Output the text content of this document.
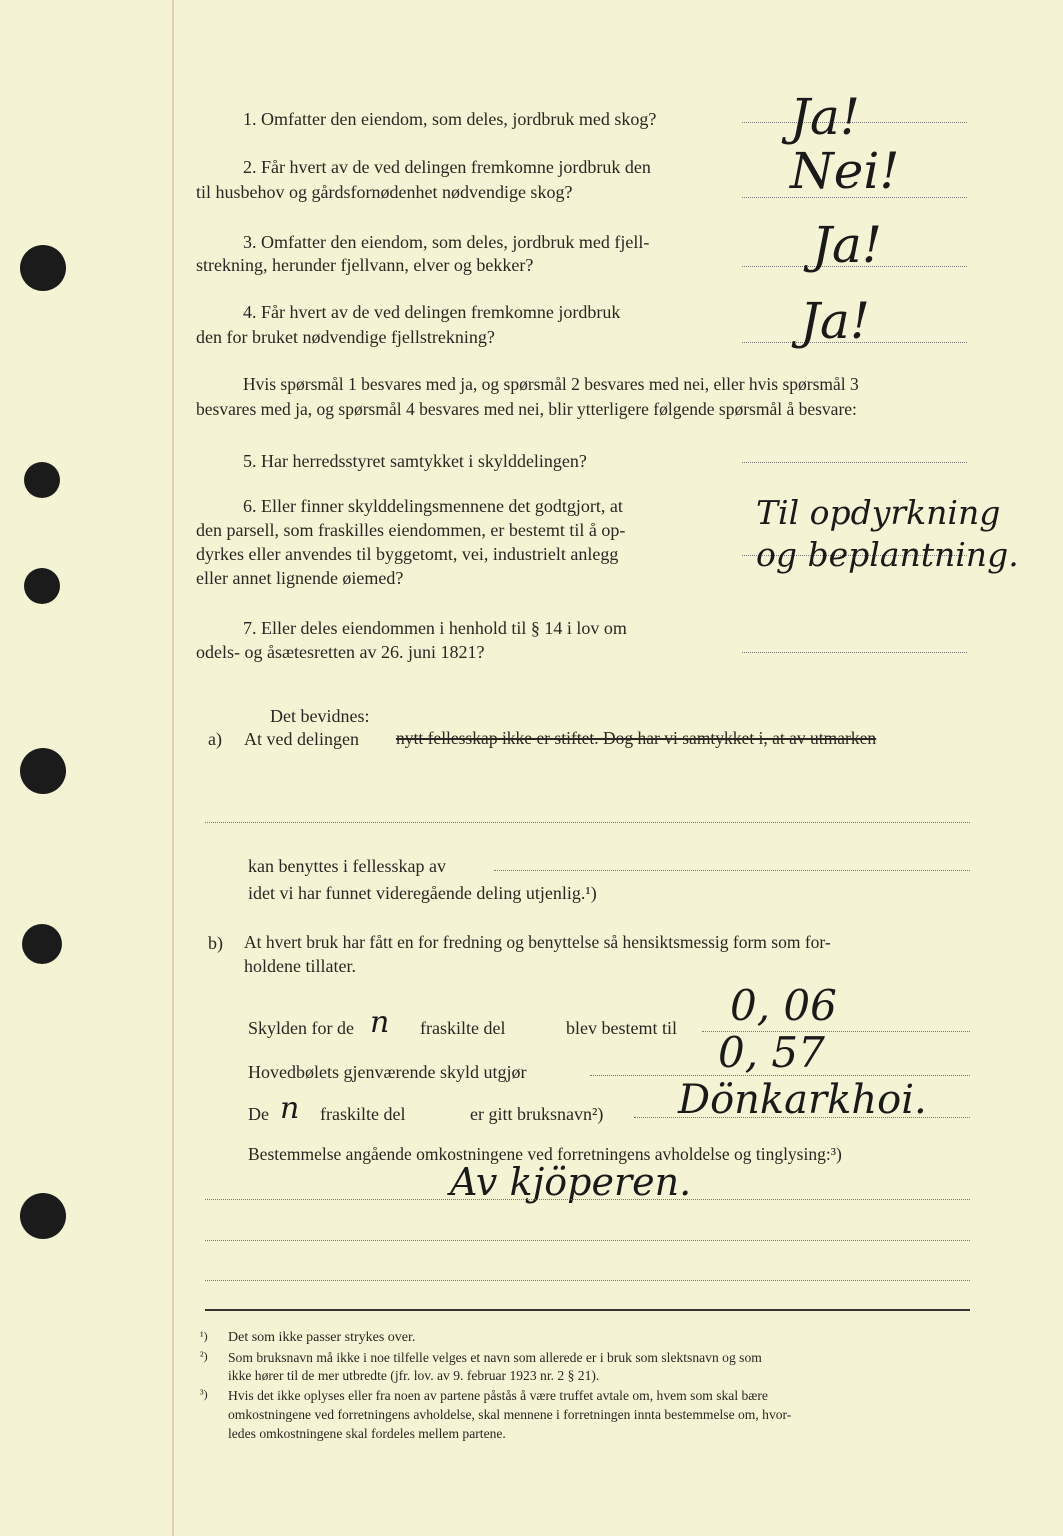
1. Omfatter den eiendom, som deles, jordbruk med skog?	Ja!
2. Får hvert av de ved delingen fremkomne jordbruk den
til husbehov og gårdsfornødenhet nødvendige skog?	Nei!
3. Omfatter den eiendom, som deles, jordbruk med fjell-
strekning, herunder fjellvann, elver og bekker?	Ja!
4. Får hvert av de ved delingen fremkomne jordbruk
den for bruket nødvendige fjellstrekning?	Ja!
Hvis spørsmål 1 besvares med ja, og spørsmål 2 besvares med nei, eller hvis spørsmål 3
besvares med ja, og spørsmål 4 besvares med nei, blir ytterligere følgende spørsmål å besvare:
5. Har herredsstyret samtykket i skylddelingen?
6. Eller finner skylddelingsmennene det godtgjort, at
den parsell, som fraskilles eiendommen, er bestemt til å op-
dyrkes eller anvendes til byggetomt, vei, industrielt anlegg
eller annet lignende øiemed?
Til opdyrkning
og beplantning.
7. Eller deles eiendommen i henhold til § 14 i lov om
odels- og åsætesretten av 26. juni 1821?
Det bevidnes:
a) At ved delingen nytt fellesskap ikke er stiftet. Dog har vi samtykket i, at av utmarken
kan benyttes i fellesskap av
idet vi har funnet videregående deling utjenlig.¹)
b) At hvert bruk har fått en for fredning og benyttelse så hensiktsmessig form som for-
holdene tillater.
Skylden for de n fraskilte del	blev bestemt til 0, 06
Hovedbølets gjenværende skyld utgjør	0, 57
De n fraskilte del	er gitt bruksnavn²) Dönkarkhoi.
Bestemmelse angående omkostningene ved forretningens avholdelse og tinglysing:³)
Av kjöperen.
¹) Det som ikke passer strykes over.
²) Som bruksnavn må ikke i noe tilfelle velges et navn som allerede er i bruk som slektsnavn og som
ikke hører til de mer utbredte (jfr. lov. av 9. februar 1923 nr. 2 § 21).
³) Hvis det ikke oplyses eller fra noen av partene påstås å være truffet avtale om, hvem som skal bære
omkostningene ved forretningens avholdelse, skal mennene i forretningen innta bestemmelse om, hvor-
ledes omkostningene skal fordeles mellem partene.
